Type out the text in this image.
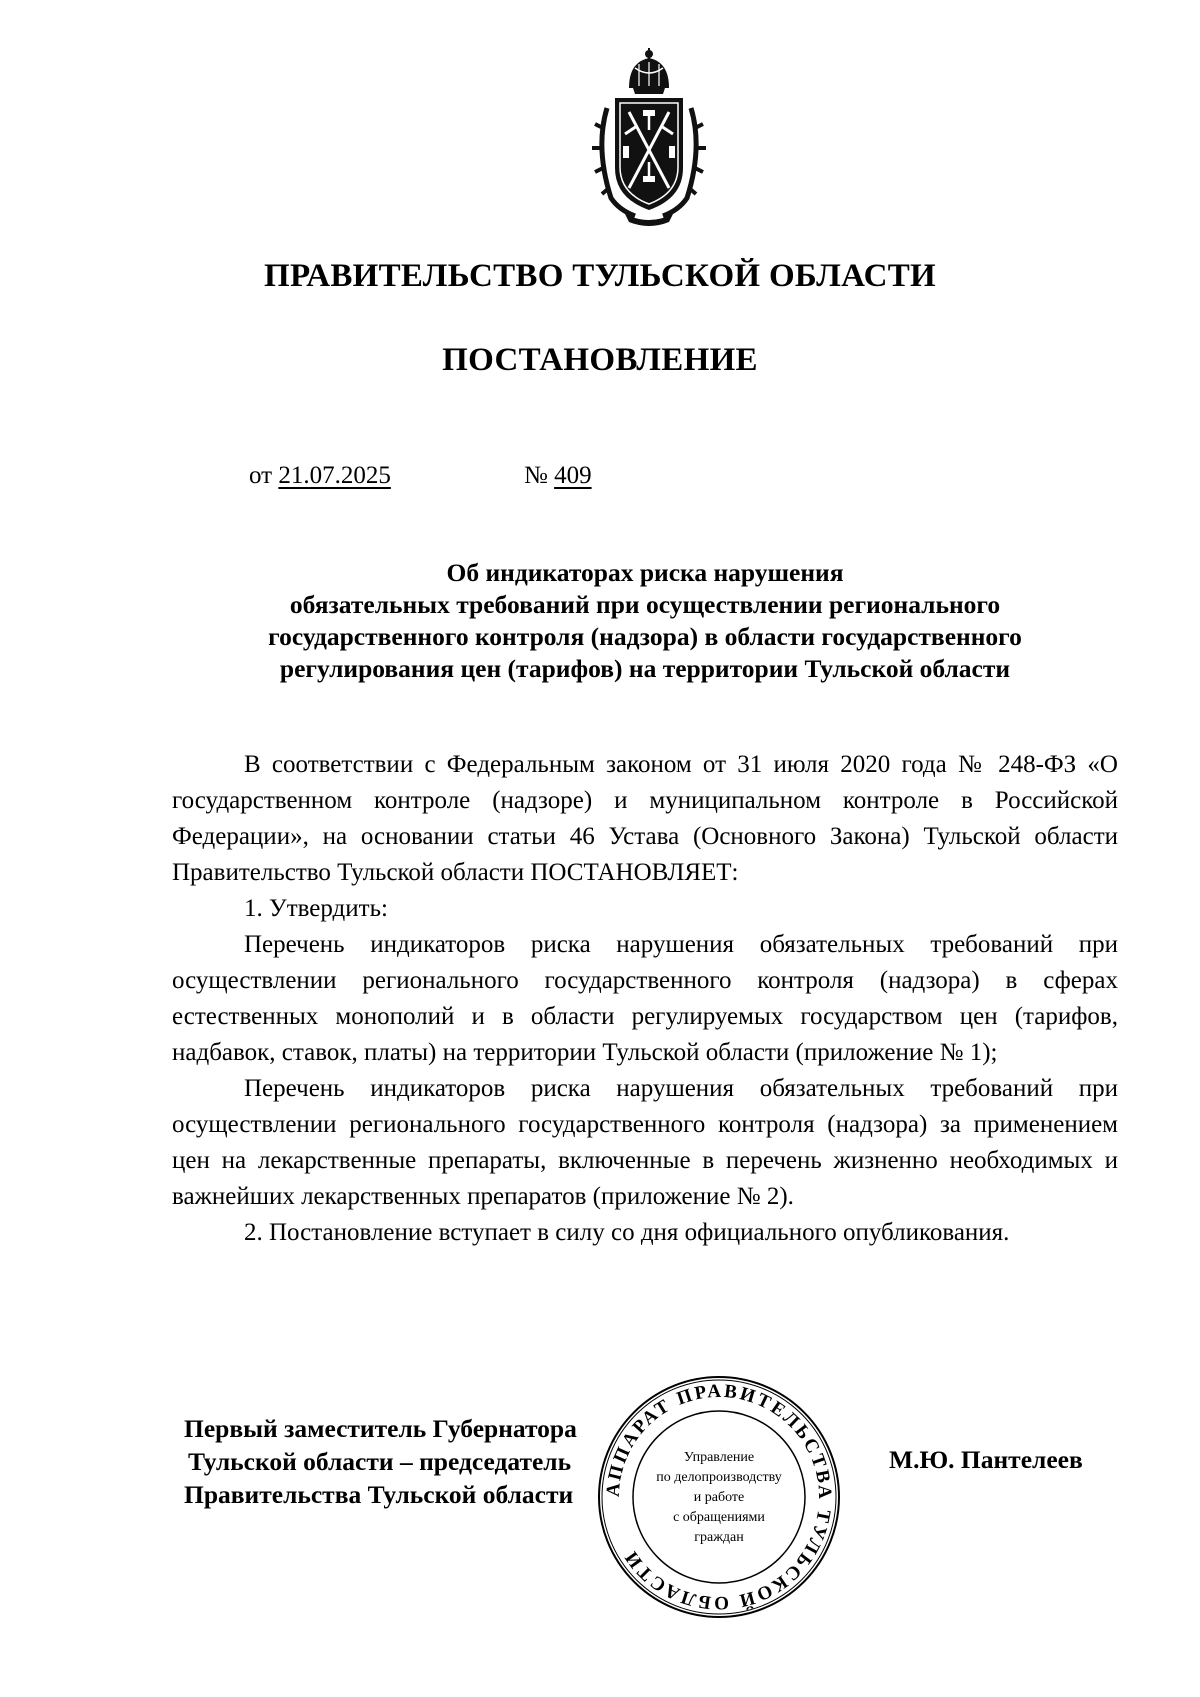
ПРАВИТЕЛЬСТВО ТУЛЬСКОЙ ОБЛАСТИ
ПОСТАНОВЛЕНИЕ
от 21.07.2025	№ 409
Об индикаторах риска нарушения
обязательных требований при осуществлении регионального
государственного контроля (надзора) в области государственного
регулирования цен (тарифов) на территории Тульской области

В соответствии с Федеральным законом от 31 июля 2020 года № 248-ФЗ «О государственном контроле (надзоре) и муниципальном контроле в Российской Федерации», на основании статьи 46 Устава (Основного Закона) Тульской области Правительство Тульской области ПОСТАНОВЛЯЕТ:

1. Утвердить:

Перечень индикаторов риска нарушения обязательных требований при осуществлении регионального государственного контроля (надзора) в сферах естественных монополий и в области регулируемых государством цен (тарифов, надбавок, ставок, платы) на территории Тульской области (приложение № 1);

Перечень индикаторов риска нарушения обязательных требований при осуществлении регионального государственного контроля (надзора) за применением цен на лекарственные препараты, включенные в перечень жизненно необходимых и важнейших лекарственных препаратов (приложение № 2).

2. Постановление вступает в силу со дня официального опубликования.

Первый заместитель Губернатора
Тульской области – председатель
Правительства Тульской области АППАРАТ ПРАВИТЕЛЬСТВА ТУЛЬСКОЙ ОБЛАСТИ
Управление
по делопроизводству
и работе
с обращениями
граждан
М.Ю. Пантелеев
